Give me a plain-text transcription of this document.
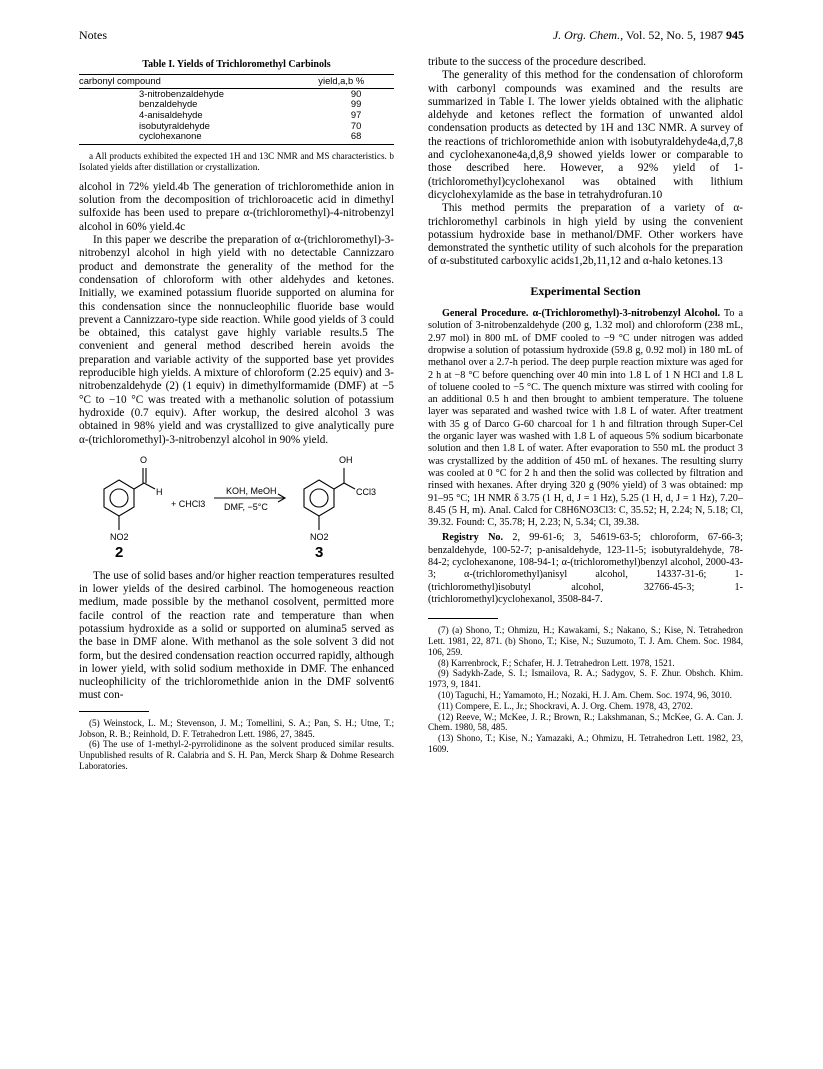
Notes	J. Org. Chem., Vol. 52, No. 5, 1987 945
Table I. Yields of Trichloromethyl Carbinols
carbonyl compound	yield,a,b %
3-nitrobenzaldehyde	90
benzaldehyde	99
4-anisaldehyde	97
isobutyraldehyde	70
cyclohexanone	68
a All products exhibited the expected 1H and 13C NMR and MS characteristics. b Isolated yields after distillation or crystallization.

alcohol in 72% yield.4b The generation of trichloromethide anion in solution from the decomposition of trichloroacetic acid in dimethyl sulfoxide has been used to prepare α-(trichloromethyl)-4-nitrobenzyl alcohol in 60% yield.4c

In this paper we describe the preparation of α-(trichloromethyl)-3-nitrobenzyl alcohol in high yield with no detectable Cannizzaro product and demonstrate the generality of the method for the condensation of chloroform with other aldehydes and ketones. Initially, we examined potassium fluoride supported on alumina for this condensation since the nonnucleophilic fluoride base would prevent a Cannizzaro-type side reaction. While good yields of 3 could be obtained, this catalyst gave highly variable results.5 The convenient and general method described herein avoids the preparation and variable activity of the supported base yet provides reproducible high yields. A mixture of chloroform (2.25 equiv) and 3-nitrobenzaldehyde (2) (1 equiv) in dimethylformamide (DMF) at −5 °C to −10 °C was treated with a methanolic solution of potassium hydroxide (0.7 equiv). After workup, the desired alcohol 3 was obtained in 98% yield and was crystallized to give analytically pure α-(trichloromethyl)-3-nitrobenzyl alcohol in 90% yield.

O
H
+ CHCl3
KOH, MeOH
DMF, −5°C
OH
CCl3
NO2	NO2
2	3

The use of solid bases and/or higher reaction temperatures resulted in lower yields of the desired carbinol. The homogeneous reaction medium, made possible by the methanol cosolvent, permitted more facile control of the reaction rate and temperature than when potassium hydroxide as a solid or supported on alumina5 served as the base in DMF alone. With methanol as the sole solvent 3 did not form, but the desired condensation reaction occurred rapidly, although in lower yield, with solid sodium methoxide in DMF. The enhanced nucleophilicity of the trichloromethide anion in the DMF solvent6 must con-

(5) Weinstock, L. M.; Stevenson, J. M.; Tomellini, S. A.; Pan, S. H.; Utne, T.; Jobson, R. B.; Reinhold, D. F. Tetrahedron Lett. 1986, 27, 3845.

(6) The use of 1-methyl-2-pyrrolidinone as the solvent produced similar results. Unpublished results of R. Calabria and S. H. Pan, Merck Sharp & Dohme Research Laboratories.

tribute to the success of the procedure described.

The generality of this method for the condensation of chloroform with carbonyl compounds was examined and the results are summarized in Table I. The lower yields obtained with the aliphatic aldehyde and ketones reflect the formation of unwanted aldol condensation products as detected by 1H and 13C NMR. A survey of the reactions of trichloromethide anion with isobutyraldehyde4a,d,7,8 and cyclohexanone4a,d,8,9 showed yields lower or comparable to those described here. However, a 92% yield of 1-(trichloromethyl)cyclohexanol was obtained with lithium dicyclohexylamide as the base in tetrahydrofuran.10

This method permits the preparation of a variety of α-trichloromethyl carbinols in high yield by using the convenient potassium hydroxide base in methanol/DMF. Other workers have demonstrated the synthetic utility of such alcohols for the preparation of α-substituted carboxylic acids1,2b,11,12 and α-halo ketones.13

Experimental Section

General Procedure. α-(Trichloromethyl)-3-nitrobenzyl Alcohol. To a solution of 3-nitrobenzaldehyde (200 g, 1.32 mol) and chloroform (238 mL, 2.97 mol) in 800 mL of DMF cooled to −9 °C under nitrogen was added dropwise a solution of potassium hydroxide (59.8 g, 0.92 mol) in 180 mL of methanol over a 2.7-h period. The deep purple reaction mixture was aged for 2 h at −8 °C before quenching over 40 min into 1.8 L of 1 N HCl and 1.8 L of toluene cooled to −5 °C. The quench mixture was stirred with cooling for an additional 0.5 h and then brought to ambient temperature. The toluene layer was separated and washed twice with 1.8 L of water. After treatment with 35 g of Darco G-60 charcoal for 1 h and filtration through Super-Cel the organic layer was washed with 1.8 L of aqueous 5% sodium bicarbonate solution and then 1.8 L of water. After evaporation to 550 mL the product 3 was crystallized by the addition of 450 mL of hexanes. The resulting slurry was cooled at 0 °C for 2 h and then the solid was collected by filtration and rinsed with hexanes. After drying 320 g (90% yield) of 3 was obtained: mp 91–95 °C; 1H NMR δ 3.75 (1 H, d, J = 1 Hz), 5.25 (1 H, d, J = 1 Hz), 7.20–8.45 (5 H, m). Anal. Calcd for C8H6NO3Cl3: C, 35.52; H, 2.24; N, 5.18; Cl, 39.32. Found: C, 35.78; H, 2.23; N, 5.34; Cl, 39.38.

Registry No. 2, 99-61-6; 3, 54619-63-5; chloroform, 67-66-3; benzaldehyde, 100-52-7; p-anisaldehyde, 123-11-5; isobutyraldehyde, 78-84-2; cyclohexanone, 108-94-1; α-(trichloromethyl)benzyl alcohol, 2000-43-3; α-(trichloromethyl)anisyl alcohol, 14337-31-6; 1-(trichloromethyl)isobutyl alcohol, 32766-45-3; 1-(trichloromethyl)cyclohexanol, 3508-84-7.

(7) (a) Shono, T.; Ohmizu, H.; Kawakami, S.; Nakano, S.; Kise, N. Tetrahedron Lett. 1981, 22, 871. (b) Shono, T.; Kise, N.; Suzumoto, T. J. Am. Chem. Soc. 1984, 106, 259.

(8) Karrenbrock, F.; Schafer, H. J. Tetrahedron Lett. 1978, 1521.

(9) Sadykh-Zade, S. I.; Ismailova, R. A.; Sadygov, S. F. Zhur. Obshch. Khim. 1973, 9, 1841.

(10) Taguchi, H.; Yamamoto, H.; Nozaki, H. J. Am. Chem. Soc. 1974, 96, 3010.

(11) Compere, E. L., Jr.; Shockravi, A. J. Org. Chem. 1978, 43, 2702.

(12) Reeve, W.; McKee, J. R.; Brown, R.; Lakshmanan, S.; McKee, G. A. Can. J. Chem. 1980, 58, 485.

(13) Shono, T.; Kise, N.; Yamazaki, A.; Ohmizu, H. Tetrahedron Lett. 1982, 23, 1609.
